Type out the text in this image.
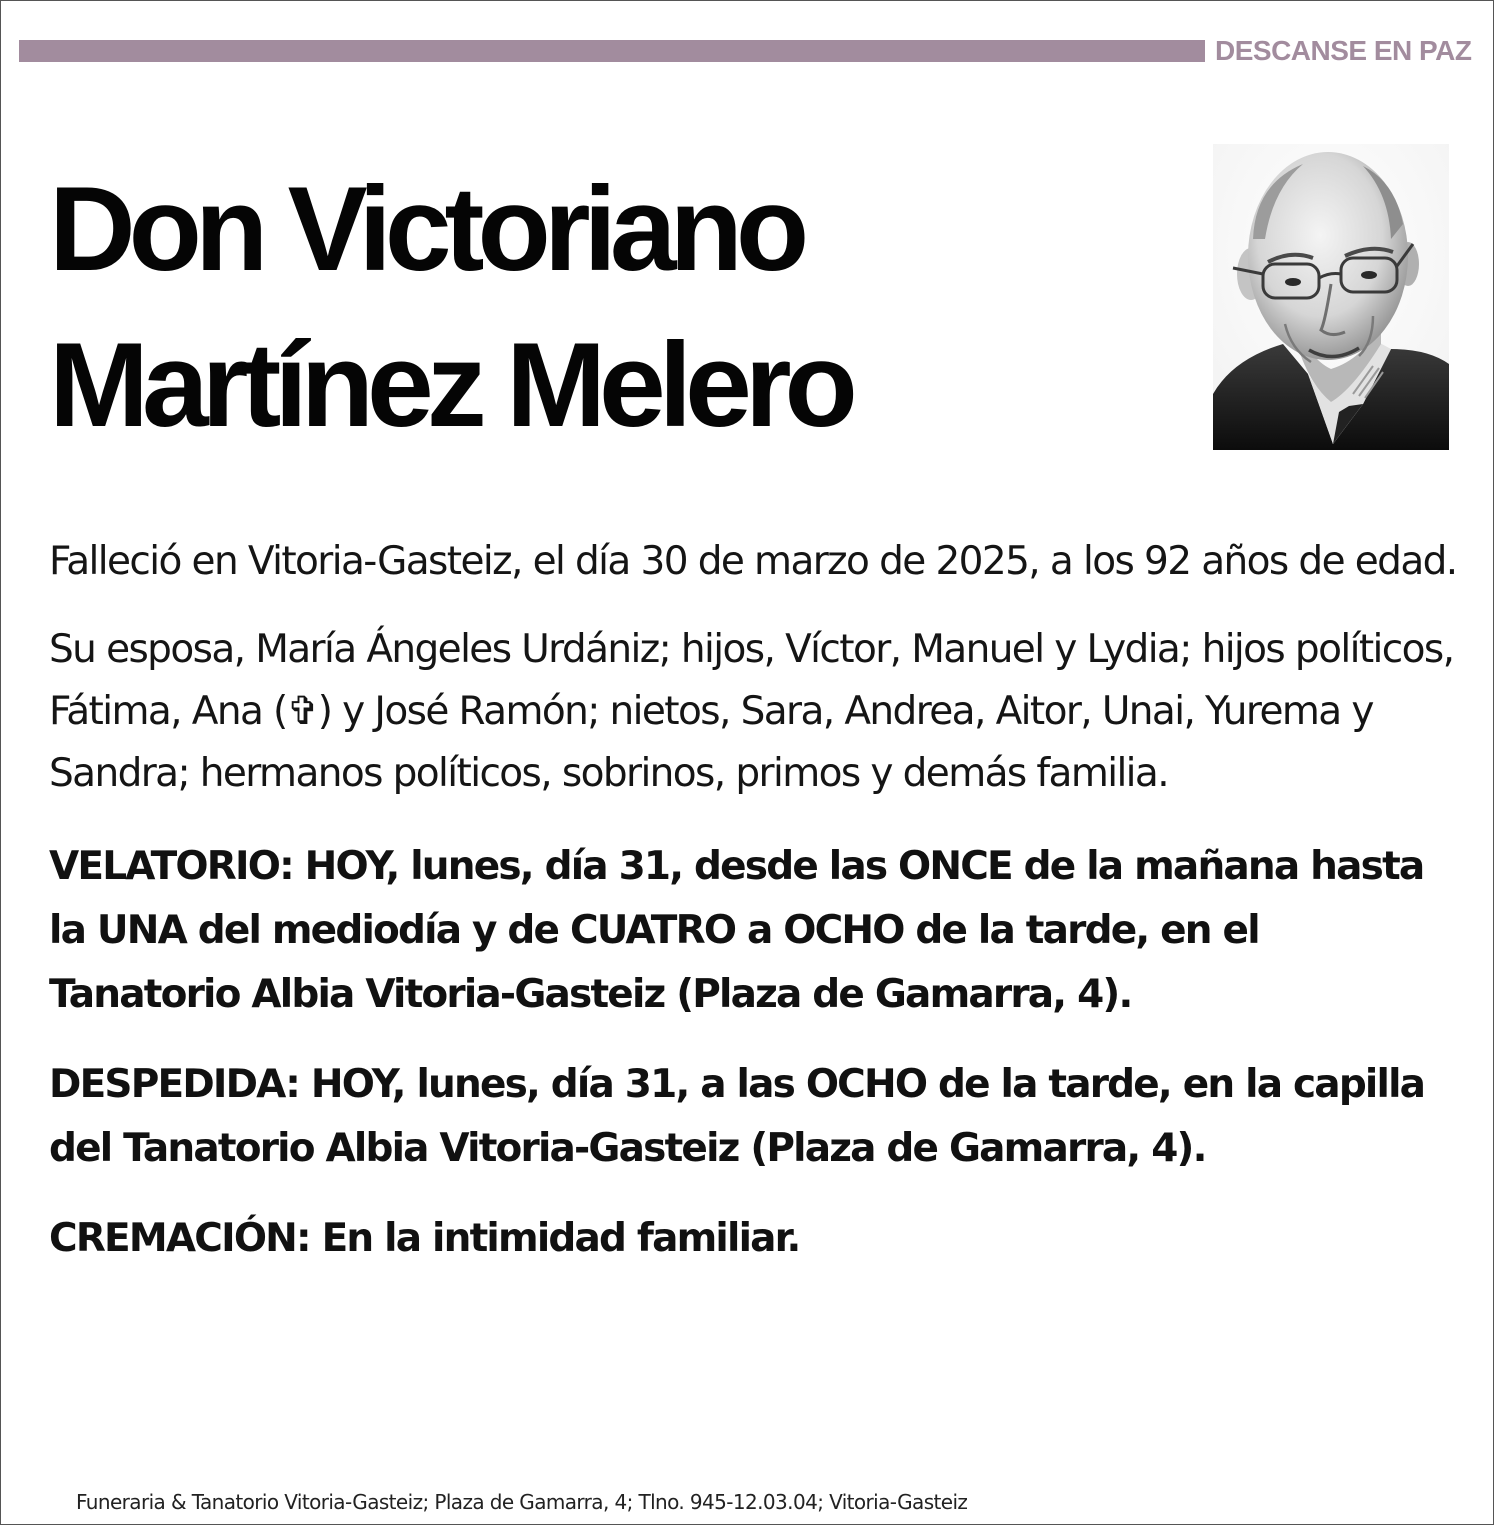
DESCANSE EN PAZ
Don Victoriano
Martínez Melero

Falleció en Vitoria-Gasteiz, el día 30 de marzo de 2025, a los 92 años de edad.

Su esposa, María Ángeles Urdániz; hijos, Víctor, Manuel y Lydia; hijos políticos, Fátima, Ana (✞) y José Ramón; nietos, Sara, Andrea, Aitor, Unai, Yurema y Sandra; hermanos políticos, sobrinos, primos y demás familia.

VELATORIO: HOY, lunes, día 31, desde las ONCE de la mañana hasta la UNA del mediodía y de CUATRO a OCHO de la tarde, en el Tanatorio Albia Vitoria-Gasteiz (Plaza de Gamarra, 4).

DESPEDIDA: HOY, lunes, día 31, a las OCHO de la tarde, en la capilla del Tanatorio Albia Vitoria-Gasteiz (Plaza de Gamarra, 4).

CREMACIÓN: En la intimidad familiar.

Funeraria & Tanatorio Vitoria-Gasteiz; Plaza de Gamarra, 4; Tlno. 945-12.03.04; Vitoria-Gasteiz
